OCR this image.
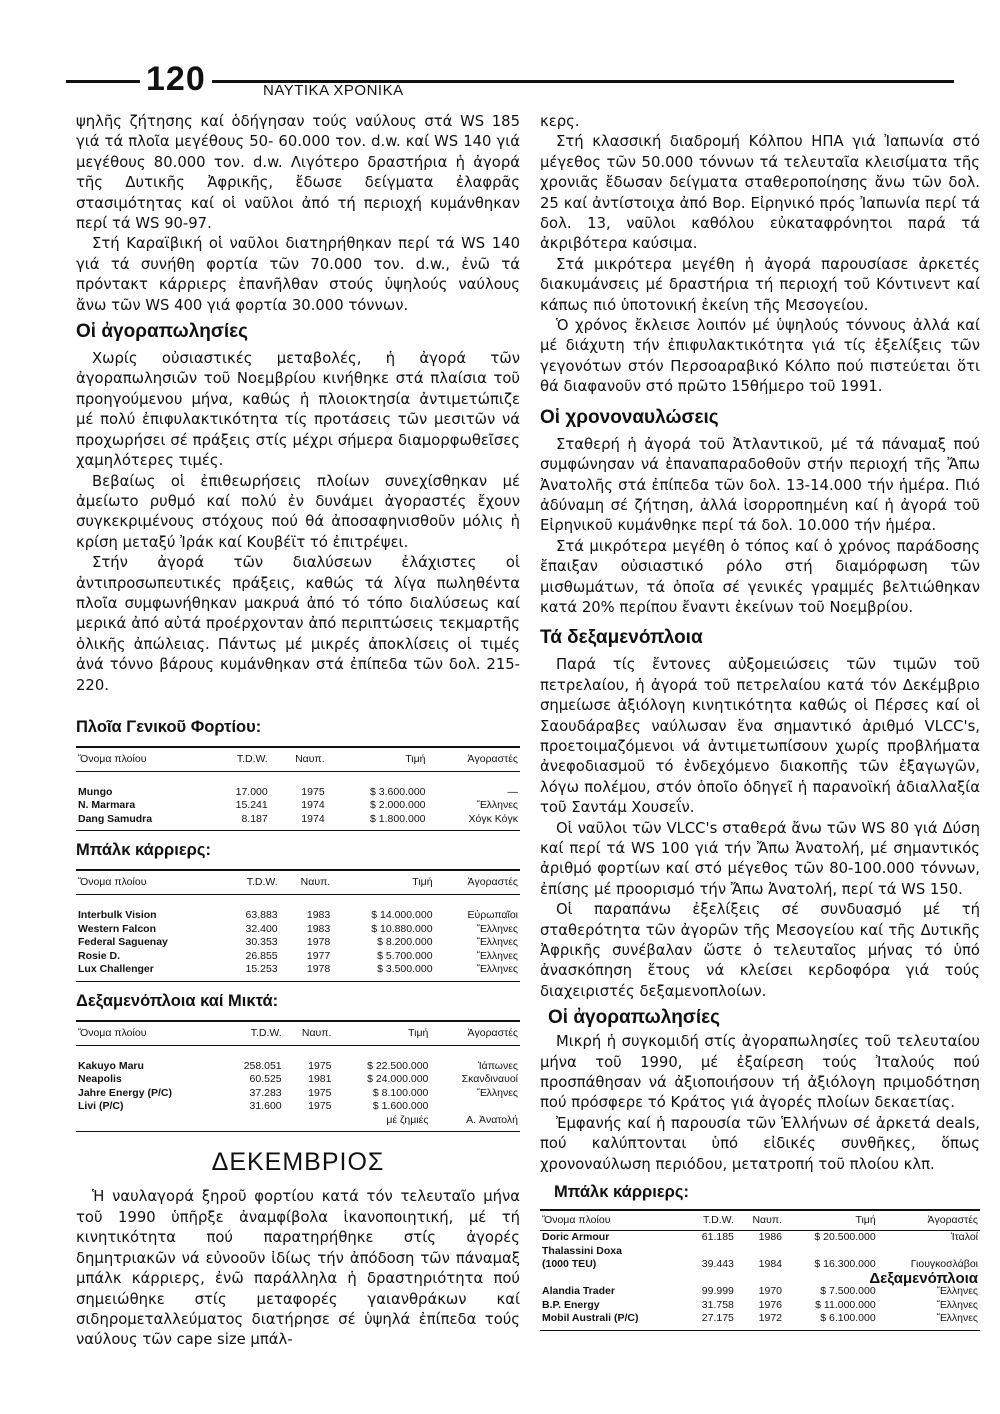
120	ΝΑΥΤΙΚΑ ΧΡΟΝΙΚΑ

ψηλῆς ζήτησης καί ὁδήγησαν τούς ναύλους στά WS 185 γιά τά πλοῖα μεγέθους 50- 60.000 τον. d.w. καί WS 140 γιά μεγέθους 80.000 τον. d.w. Λιγότερο δραστήρια ἡ ἀγορά τῆς Δυτικῆς Ἀφρικῆς, ἔδωσε δείγματα ἐλαφρᾶς στασιμότητας καί οἱ ναῦλοι ἀπό τή περιοχή κυμάνθηκαν περί τά WS 90-97.

Στή Καραϊβική οἱ ναῦλοι διατηρήθηκαν περί τά WS 140 γιά τά συνήθη φορτία τῶν 70.000 τον. d.w., ἐνῶ τά πρόντακτ κάρριερς ἐπανῆλθαν στούς ὑψηλούς ναύλους ἄνω τῶν WS 400 γιά φορτία 30.000 τόννων.

Οἱ ἀγοραπωλησίες

Χωρίς οὐσιαστικές μεταβολές, ἡ ἀγορά τῶν ἀγοραπωλησιῶν τοῦ Νοεμβρίου κινήθηκε στά πλαίσια τοῦ προηγούμενου μήνα, καθώς ἡ πλοιοκτησία ἀντιμετώπιζε μέ πολύ ἐπιφυλακτικότητα τίς προτάσεις τῶν μεσιτῶν νά προχωρήσει σέ πράξεις στίς μέχρι σήμερα διαμορφωθεῖσες χαμηλότερες τιμές.

Βεβαίως οἱ ἐπιθεωρήσεις πλοίων συνεχίσθηκαν μέ ἀμείωτο ρυθμό καί πολύ ἐν δυνάμει ἀγοραστές ἔχουν συγκεκριμένους στόχους πού θά ἀποσαφηνισθοῦν μόλις ἡ κρίση μεταξύ Ἰράκ καί Κουβέϊτ τό ἐπιτρέψει.

Στήν ἀγορά τῶν διαλύσεων ἐλάχιστες οἱ ἀντιπροσωπευτικές πράξεις, καθώς τά λίγα πωληθέντα πλοῖα συμφωνήθηκαν μακρυά ἀπό τό τόπο διαλύσεως καί μερικά ἀπό αὐτά προέρχονταν ἀπό περιπτώσεις τεκμαρτῆς ὁλικῆς ἀπώλειας. Πάντως μέ μικρές ἀποκλίσεις οἱ τιμές ἀνά τόννο βάρους κυμάνθηκαν στά ἐπίπεδα τῶν δολ. 215-220.

Πλοῖα Γενικοῦ Φορτίου:
Ὄνομα πλοίου	T.D.W.	Ναυπ.	Τιμή	Ἀγοραστές

Mungo	17.000	1975	$ 3.600.000	—
N. Marmara	15.241	1974	$ 2.000.000	Ἕλληνες
Dang Samudra	8.187	1974	$ 1.800.000	Χόγκ Κόγκ

Μπάλκ κάρριερς:
Ὄνομα πλοίου	T.D.W.	Ναυπ.	Τιμή	Ἀγοραστές

Interbulk Vision	63.883	1983	$ 14.000.000	Εὐρωπαῖοι
Western Falcon	32.400	1983	$ 10.880.000	Ἕλληνες
Federal Saguenay	30.353	1978	$ 8.200.000	Ἕλληνες
Rosie D.	26.855	1977	$ 5.700.000	Ἕλληνες
Lux Challenger	15.253	1978	$ 3.500.000	Ἕλληνες

Δεξαμενόπλοια καί Μικτά:
Ὄνομα πλοίου	T.D.W.	Ναυπ.	Τιμή	Ἀγοραστές

Kakuyo Maru	258.051	1975	$ 22.500.000	Ἰάπωνες
Neapolis	60.525	1981	$ 24.000.000	Σκανδιναυοί
Jahre Energy (P/C)	37.283	1975	$ 8.100.000	Ἕλληνες
Livi (P/C)	31.600	1975	$ 1.600.000	
			μέ ζημιές	Α. Ἀνατολή

ΔΕΚΕΜΒΡΙΟΣ

Ἡ ναυλαγορά ξηροῦ φορτίου κατά τόν τελευταῖο μήνα τοῦ 1990 ὑπῆρξε ἀναμφίβολα ἱκανοποιητική, μέ τή κινητικότητα πού παρατηρήθηκε στίς ἀγορές δημητριακῶν νά εὐνοοῦν ἰδίως τήν ἀπόδοση τῶν πάναμαξ μπάλκ κάρριερς, ἐνῶ παράλληλα ἡ δραστηριότητα πού σημειώθηκε στίς μεταφορές γαιανθράκων καί σιδηρομεταλλεύματος διατήρησε σέ ὑψηλά ἐπίπεδα τούς ναύλους τῶν cape size μπάλ-

κερς.

Στή κλασσική διαδρομή Κόλπου ΗΠΑ γιά Ἰαπωνία στό μέγεθος τῶν 50.000 τόννων τά τελευταῖα κλεισίματα τῆς χρονιᾶς ἔδωσαν δείγματα σταθεροποίησης ἄνω τῶν δολ. 25 καί ἀντίστοιχα ἀπό Βορ. Εἰρηνικό πρός Ἰαπωνία περί τά δολ. 13, ναῦλοι καθόλου εὐκαταφρόνητοι παρά τά ἀκριβότερα καύσιμα.

Στά μικρότερα μεγέθη ἡ ἀγορά παρουσίασε ἀρκετές διακυμάνσεις μέ δραστήρια τή περιοχή τοῦ Κόντινεντ καί κάπως πιό ὑποτονική ἐκείνη τῆς Μεσογείου.

Ὁ χρόνος ἔκλεισε λοιπόν μέ ὑψηλούς τόννους ἀλλά καί μέ διάχυτη τήν ἐπιφυλακτικότητα γιά τίς ἐξελίξεις τῶν γεγονότων στόν Περσοαραβικό Κόλπο πού πιστεύεται ὅτι θά διαφανοῦν στό πρῶτο 15θήμερο τοῦ 1991.

Οἱ χρονοναυλώσεις

Σταθερή ἡ ἀγορά τοῦ Ἀτλαντικοῦ, μέ τά πάναμαξ πού συμφώνησαν νά ἐπαναπαραδοθοῦν στήν περιοχή τῆς Ἄπω Ἀνατολῆς στά ἐπίπεδα τῶν δολ. 13-14.000 τήν ἡμέρα. Πιό ἀδύναμη σέ ζήτηση, ἀλλά ἰσορροπημένη καί ἡ ἀγορά τοῦ Εἰρηνικοῦ κυμάνθηκε περί τά δολ. 10.000 τήν ἡμέρα.

Στά μικρότερα μεγέθη ὁ τόπος καί ὁ χρόνος παράδοσης ἔπαιξαν οὐσιαστικό ρόλο στή διαμόρφωση τῶν μισθωμάτων, τά ὁποῖα σέ γενικές γραμμές βελτιώθηκαν κατά 20% περίπου ἔναντι ἐκείνων τοῦ Νοεμβρίου.

Τά δεξαμενόπλοια

Παρά τίς ἔντονες αὐξομειώσεις τῶν τιμῶν τοῦ πετρελαίου, ἡ ἀγορά τοῦ πετρελαίου κατά τόν Δεκέμβριο σημείωσε ἀξιόλογη κινητικότητα καθώς οἱ Πέρσες καί οἱ Σαουδάραβες ναύλωσαν ἕνα σημαντικό ἀριθμό VLCC's, προετοιμαζόμενοι νά ἀντιμετωπίσουν χωρίς προβλήματα ἀνεφοδιασμοῦ τό ἐνδεχόμενο διακοπῆς τῶν ἐξαγωγῶν, λόγω πολέμου, στόν ὁποῖο ὁδηγεῖ ἡ παρανοϊκή ἀδιαλλαξία τοῦ Σαντάμ Χουσεΐν.

Οἱ ναῦλοι τῶν VLCC's σταθερά ἄνω τῶν WS 80 γιά Δύση καί περί τά WS 100 γιά τήν Ἄπω Ἀνατολή, μέ σημαντικός ἀριθμό φορτίων καί στό μέγεθος τῶν 80-100.000 τόννων, ἐπίσης μέ προορισμό τήν Ἄπω Ἀνατολή, περί τά WS 150.

Οἱ παραπάνω ἐξελίξεις σέ συνδυασμό μέ τή σταθερότητα τῶν ἀγορῶν τῆς Μεσογείου καί τῆς Δυτικῆς Ἀφρικῆς συνέβαλαν ὥστε ὁ τελευταῖος μήνας τό ὑπό ἀνασκόπηση ἔτους νά κλείσει κερδοφόρα γιά τούς διαχειριστές δεξαμενοπλοίων.

Οἱ ἀγοραπωλησίες

Μικρή ἡ συγκομιδή στίς ἀγοραπωλησίες τοῦ τελευταίου μήνα τοῦ 1990, μέ ἐξαίρεση τούς Ἰταλούς πού προσπάθησαν νά ἀξιοποιήσουν τή ἀξιόλογη πριμοδότηση πού πρόσφερε τό Κράτος γιά ἀγορές πλοίων δεκαετίας.

Ἐμφανής καί ἡ παρουσία τῶν Ἑλλήνων σέ ἀρκετά deals, πού καλύπτονται ὑπό εἰδικές συνθῆκες, ὅπως χρονοναύλωση περιόδου, μετατροπή τοῦ πλοίου κλπ.

Μπάλκ κάρριερς:
Ὄνομα πλοίου	T.D.W.	Ναυπ.	Τιμή	Ἀγοραστές
Doric Armour	61.185	1986	$ 20.500.000	Ἰταλοί
Thalassini Doxa				
(1000 TEU)	39.443	1984	$ 16.300.000	Γιουγκοσλάβοι
Δεξαμενόπλοια				
Alandia Trader	99.999	1970	$ 7.500.000	Ἕλληνες
B.P. Energy	31.758	1976	$ 11.000.000	Ἕλληνες
Mobil Australi (P/C)	27.175	1972	$ 6.100.000	Ἕλληνες
